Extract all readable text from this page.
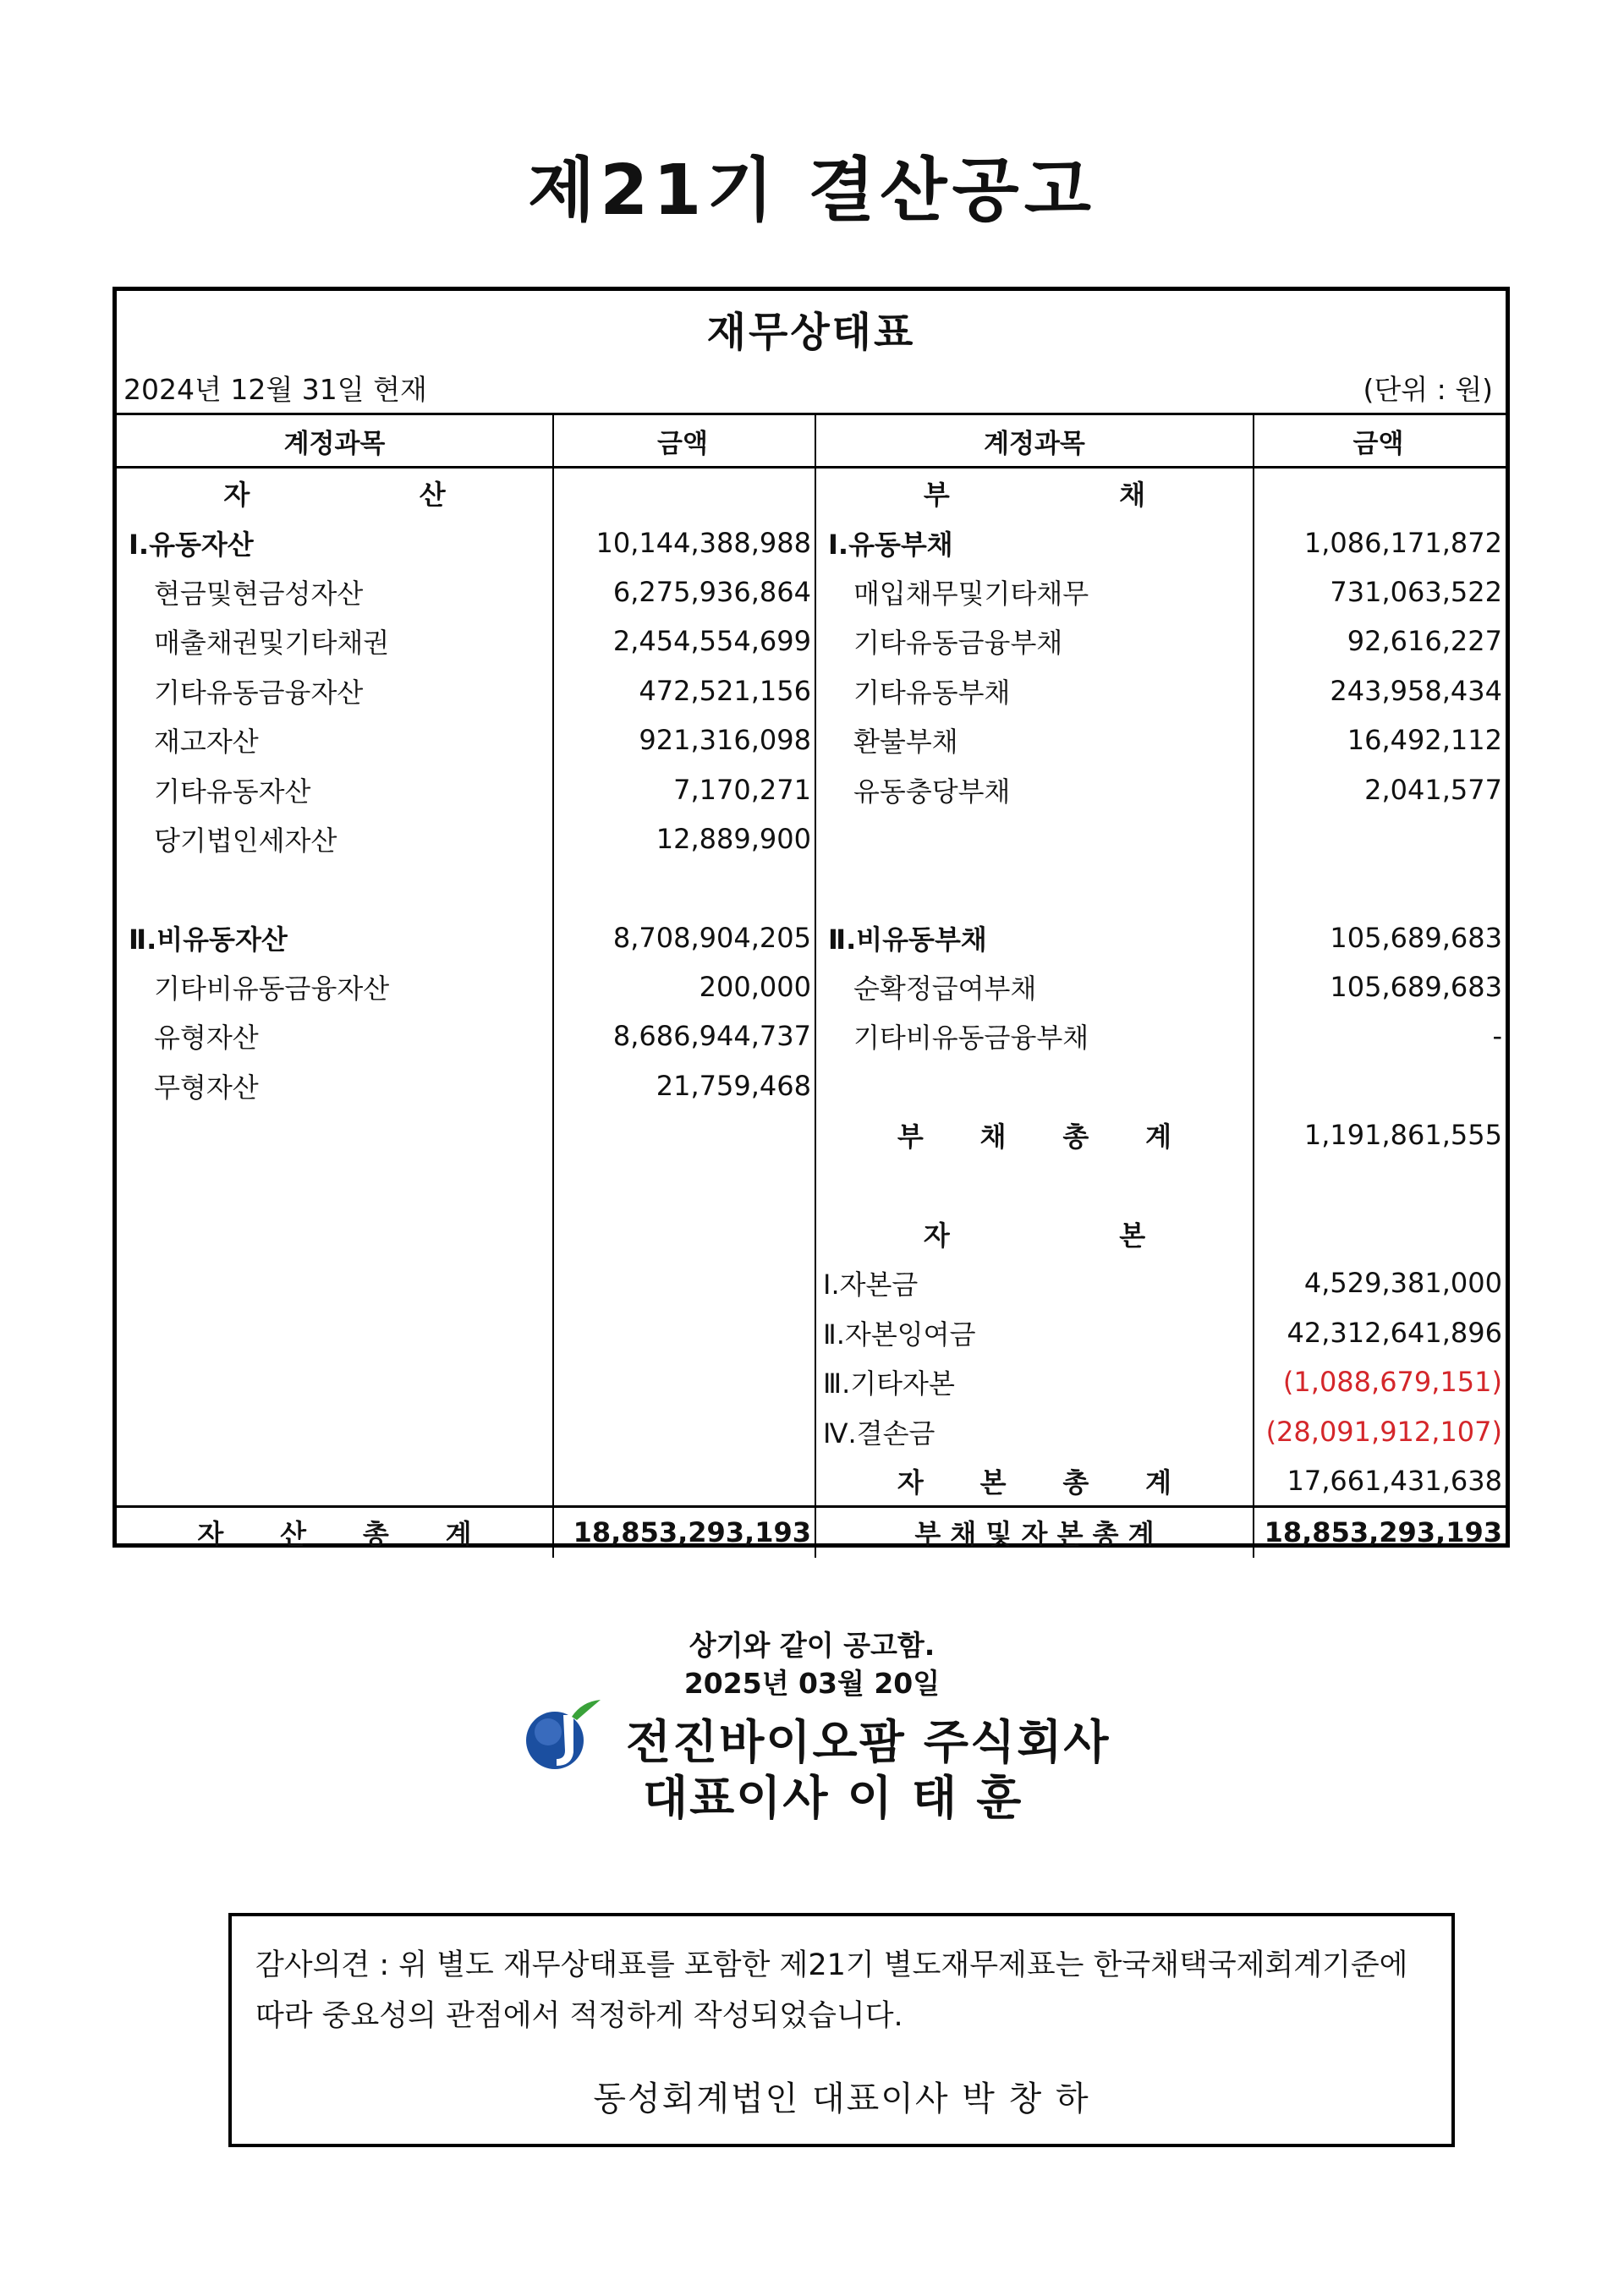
제21기 결산공고
재무상태표
2024년 12월 31일 현재	(단위 : 원)
계정과목	금액	계정과목	금액
자                  산		부                  채	
Ⅰ.유동자산	10,144,388,988	Ⅰ.유동부채	1,086,171,872
현금및현금성자산	6,275,936,864	매입채무및기타채무	731,063,522
매출채권및기타채권	2,454,554,699	기타유동금융부채	92,616,227
기타유동금융자산	472,521,156	기타유동부채	243,958,434
재고자산	921,316,098	환불부채	16,492,112
기타유동자산	7,170,271	유동충당부채	2,041,577
당기법인세자산	12,889,900		

Ⅱ.비유동자산	8,708,904,205	Ⅱ.비유동부채	105,689,683
기타비유동금융자산	200,000	순확정급여부채	105,689,683
유형자산	8,686,944,737	기타비유동금융부채	-
무형자산	21,759,468		
		부      채      총      계	1,191,861,555

		자                  본	
		Ⅰ.자본금	4,529,381,000
		Ⅱ.자본잉여금	42,312,641,896
		Ⅲ.기타자본	(1,088,679,151)
		Ⅳ.결손금	(28,091,912,107)
		자      본      총      계	17,661,431,638
자      산      총      계	18,853,293,193	부 채 및 자 본 총 계	18,853,293,193
상기와 같이 공고함.
2025년 03월 20일
전진바이오팜 주식회사
대표이사 이 태 훈
감사의견 : 위 별도 재무상태표를 포함한 제21기 별도재무제표는 한국채택국제회계기준에 따라 중요성의 관점에서 적정하게 작성되었습니다.
동성회계법인 대표이사 박 창 하
